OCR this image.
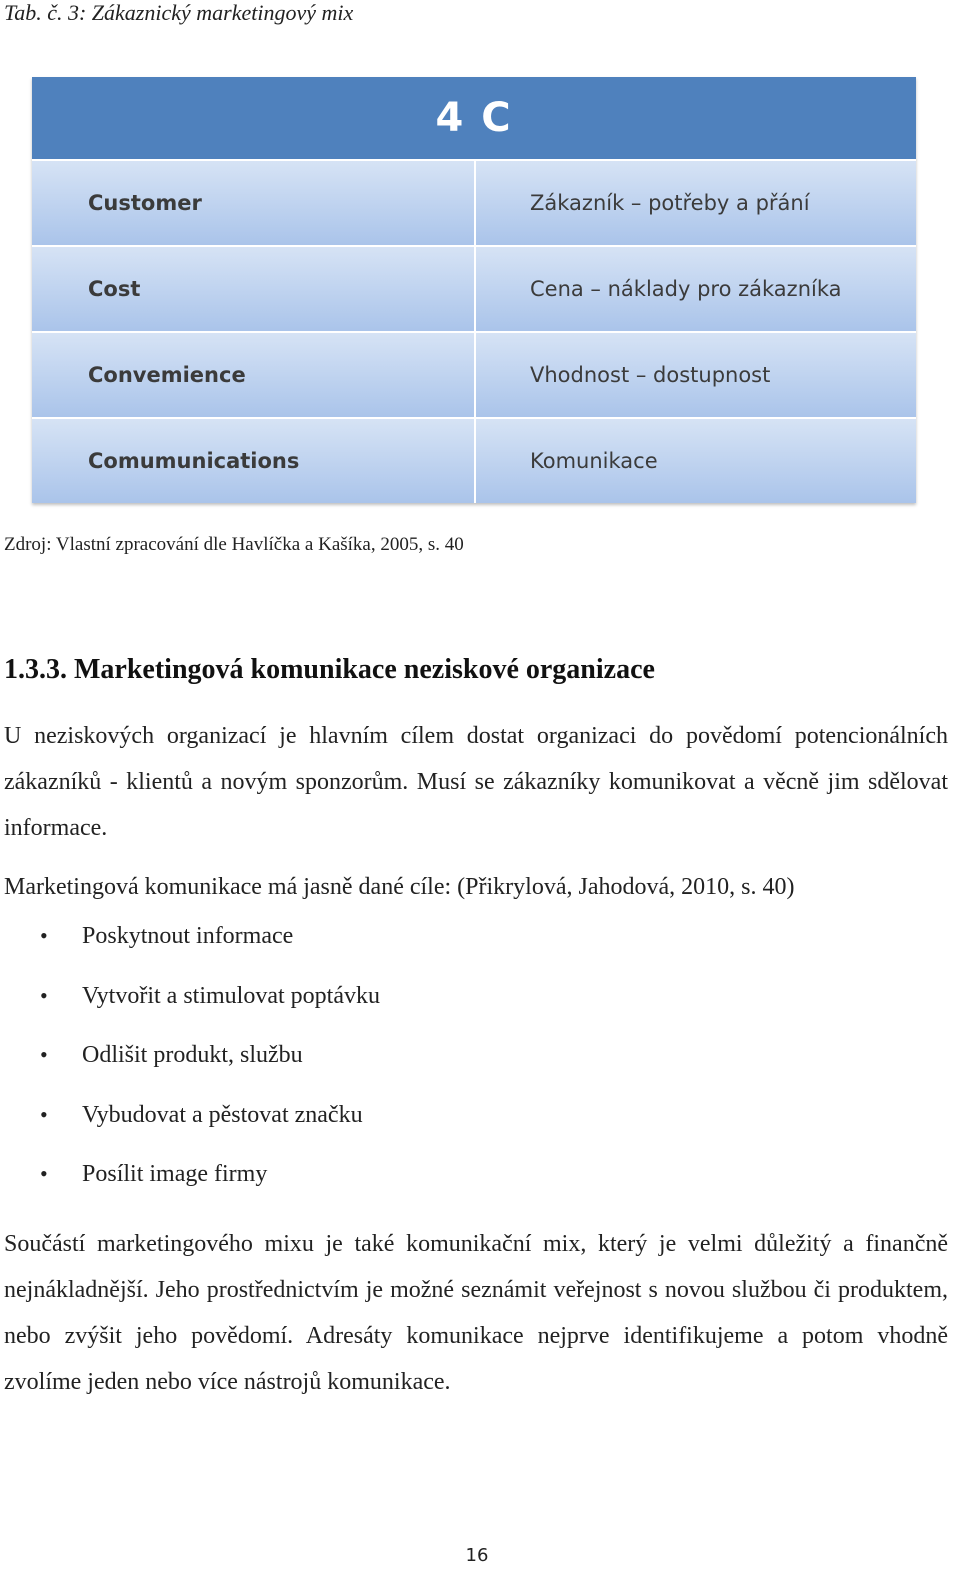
Tab. č. 3: Zákaznický marketingový mix
4 C	
Customer	Zákazník – potřeby a přání
Cost	Cena – náklady pro zákazníka
Convemience	Vhodnost – dostupnost
Comumunications	Komunikace
Zdroj: Vlastní zpracování dle Havlíčka a Kašíka, 2005, s. 40
1.3.3. Marketingová komunikace neziskové organizace

U neziskových organizací je hlavním cílem dostat organizaci do povědomí potencionálních zákazníků - klientů a novým sponzorům. Musí se zákazníky komunikovat a věcně jim sdělovat informace.

Marketingová komunikace má jasně dané cíle: (Přikrylová, Jahodová, 2010, s. 40)

• Poskytnout informace
• Vytvořit a stimulovat poptávku
• Odlišit produkt, službu
• Vybudovat a pěstovat značku
• Posílit image firmy

Součástí marketingového mixu je také komunikační mix, který je velmi důležitý a finančně nejnákladnější. Jeho prostřednictvím je možné seznámit veřejnost s novou službou či produktem, nebo zvýšit jeho povědomí. Adresáty komunikace nejprve identifikujeme a potom vhodně zvolíme jeden nebo více nástrojů komunikace.

16
